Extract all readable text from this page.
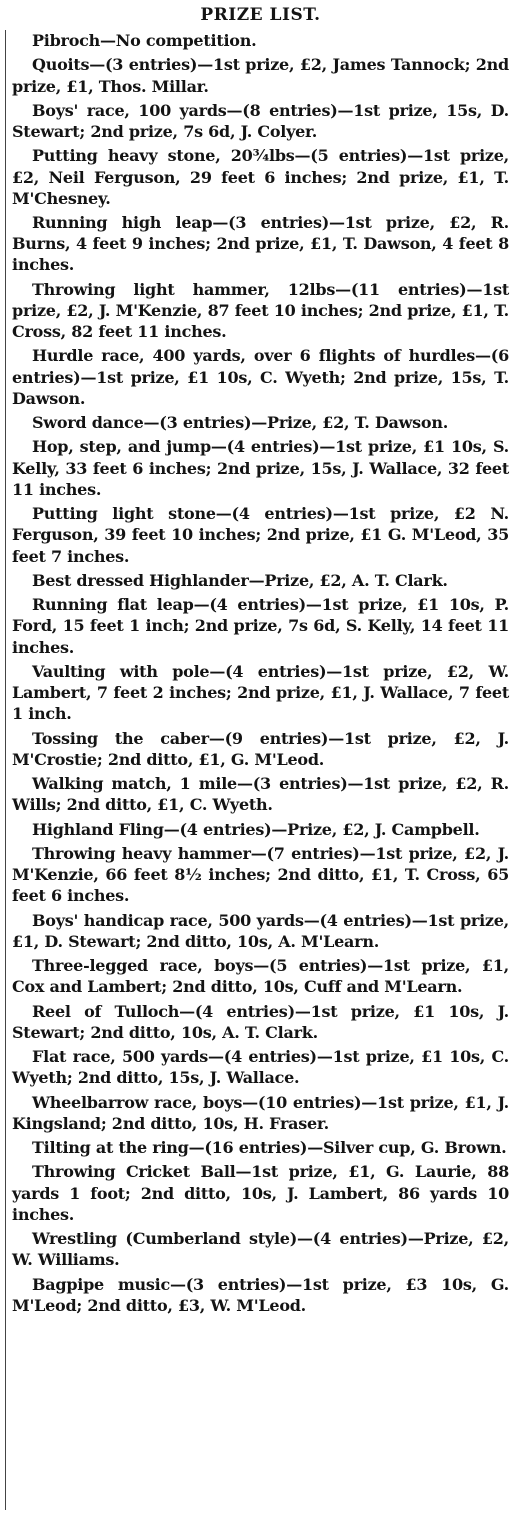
PRIZE LIST.

Pibroch—No competition.

Quoits—(3 entries)—1st prize, £2, James Tannock; 2nd prize, £1, Thos. Millar.

Boys' race, 100 yards—(8 entries)—1st prize, 15s, D. Stewart; 2nd prize, 7s 6d, J. Colyer.

Putting heavy stone, 20¾lbs—(5 entries)—1st prize, £2, Neil Ferguson, 29 feet 6 inches; 2nd prize, £1, T. M'Chesney.

Running high leap—(3 entries)—1st prize, £2, R. Burns, 4 feet 9 inches; 2nd prize, £1, T. Dawson, 4 feet 8 inches.

Throwing light hammer, 12lbs—(11 entries)—1st prize, £2, J. M'Kenzie, 87 feet 10 inches; 2nd prize, £1, T. Cross, 82 feet 11 inches.

Hurdle race, 400 yards, over 6 flights of hurdles—(6 entries)—1st prize, £1 10s, C. Wyeth; 2nd prize, 15s, T. Dawson.

Sword dance—(3 entries)—Prize, £2, T. Dawson.

Hop, step, and jump—(4 entries)—1st prize, £1 10s, S. Kelly, 33 feet 6 inches; 2nd prize, 15s, J. Wallace, 32 feet 11 inches.

Putting light stone—(4 entries)—1st prize, £2 N. Ferguson, 39 feet 10 inches; 2nd prize, £1 G. M'Leod, 35 feet 7 inches.

Best dressed Highlander—Prize, £2, A. T. Clark.

Running flat leap—(4 entries)—1st prize, £1 10s, P. Ford, 15 feet 1 inch; 2nd prize, 7s 6d, S. Kelly, 14 feet 11 inches.

Vaulting with pole—(4 entries)—1st prize, £2, W. Lambert, 7 feet 2 inches; 2nd prize, £1, J. Wallace, 7 feet 1 inch.

Tossing the caber—(9 entries)—1st prize, £2, J. M'Crostie; 2nd ditto, £1, G. M'Leod.

Walking match, 1 mile—(3 entries)—1st prize, £2, R. Wills; 2nd ditto, £1, C. Wyeth.

Highland Fling—(4 entries)—Prize, £2, J. Campbell.

Throwing heavy hammer—(7 entries)—1st prize, £2, J. M'Kenzie, 66 feet 8½ inches; 2nd ditto, £1, T. Cross, 65 feet 6 inches.

Boys' handicap race, 500 yards—(4 entries)—1st prize, £1, D. Stewart; 2nd ditto, 10s, A. M'Learn.

Three-legged race, boys—(5 entries)—1st prize, £1, Cox and Lambert; 2nd ditto, 10s, Cuff and M'Learn.

Reel of Tulloch—(4 entries)—1st prize, £1 10s, J. Stewart; 2nd ditto, 10s, A. T. Clark.

Flat race, 500 yards—(4 entries)—1st prize, £1 10s, C. Wyeth; 2nd ditto, 15s, J. Wallace.

Wheelbarrow race, boys—(10 entries)—1st prize, £1, J. Kingsland; 2nd ditto, 10s, H. Fraser.

Tilting at the ring—(16 entries)—Silver cup, G. Brown.

Throwing Cricket Ball—1st prize, £1, G. Laurie, 88 yards 1 foot; 2nd ditto, 10s, J. Lambert, 86 yards 10 inches.

Wrestling (Cumberland style)—(4 entries)—Prize, £2, W. Williams.

Bagpipe music—(3 entries)—1st prize, £3 10s, G. M'Leod; 2nd ditto, £3, W. M'Leod.
